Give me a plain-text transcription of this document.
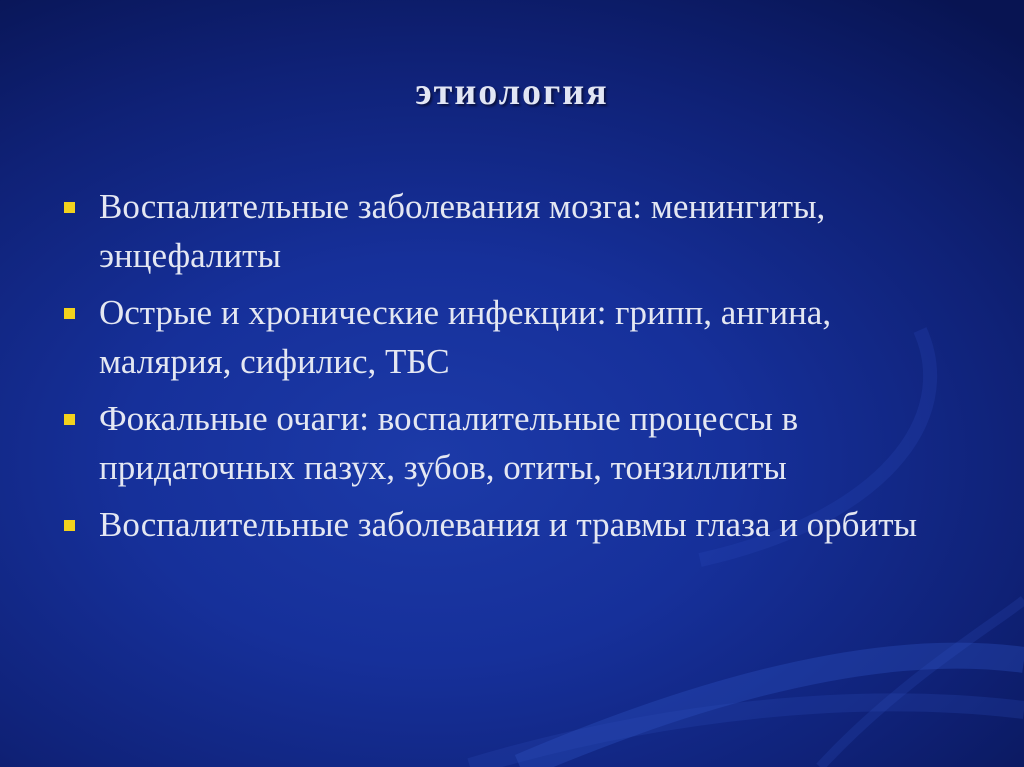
этиология
Воспалительные заболевания мозга: менингиты, энцефалиты
Острые и хронические инфекции: грипп, ангина, малярия, сифилис, ТБС
Фокальные очаги: воспалительные процессы в придаточных пазух, зубов, отиты, тонзиллиты
Воспалительные заболевания и травмы глаза и орбиты
